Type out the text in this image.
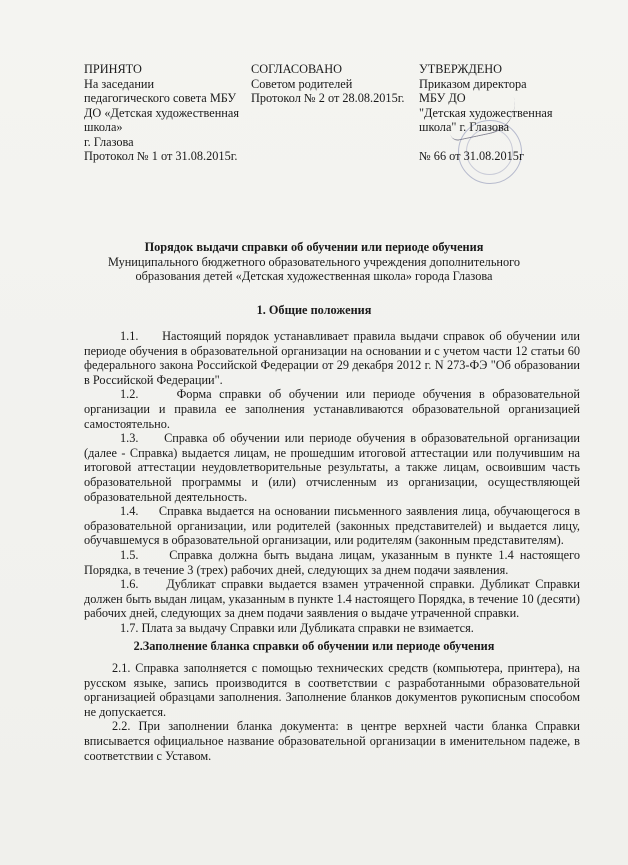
ПРИНЯТО
На заседании
педагогического совета МБУ
ДО «Детская художественная
школа»
г. Глазова
Протокол № 1 от 31.08.2015г.
СОГЛАСОВАНО
Советом родителей
Протокол № 2 от 28.08.2015г.
УТВЕРЖДЕНО
Приказом директора
МБУ ДО
"Детская художественная
школа" г. Глазова

№ 66 от 31.08.2015г
Порядок выдачи справки об обучении или периоде обучения
Муниципального бюджетного образовательного учреждения дополнительного
образования детей «Детская художественная школа» города Глазова
1. Общие положения

1.1.     Настоящий порядок устанавливает правила выдачи справок об обучении или периоде обучения в образовательной организации на основании и с учетом части 12 статьи 60 федерального закона Российской Федерации от 29 декабря 2012 г. N 273-ФЭ "Об образовании в Российской Федерации".

1.2.     Форма справки об обучении или периоде обучения в образовательной организации и правила ее заполнения устанавливаются образовательной организацией самостоятельно.

1.3.     Справка об обучении или периоде обучения в образовательной организации (далее - Справка) выдается лицам, не прошедшим итоговой аттестации или получившим на итоговой аттестации неудовлетворительные результаты, а также лицам, освоившим часть образовательной программы и (или) отчисленным из организации, осуществляющей образовательной деятельность.

1.4.     Справка выдается на основании письменного заявления лица, обучающегося в образовательной организации, или родителей (законных представителей) и выдается лицу, обучавшемуся в образовательной организации, или родителям (законным представителям).

1.5.     Справка должна быть выдана лицам, указанным в пункте 1.4 настоящего Порядка, в течение 3 (трех) рабочих дней, следующих за днем подачи заявления.

1.6.     Дубликат справки выдается взамен утраченной справки. Дубликат Справки должен быть выдан лицам, указанным в пункте 1.4 настоящего Порядка, в течение 10 (десяти) рабочих дней, следующих за днем подачи заявления о выдаче утраченной справки.

1.7. Плата за выдачу Справки или Дубликата справки не взимается.

2.Заполнение бланка справки об обучении или периоде обучения

2.1. Справка заполняется с помощью технических средств (компьютера, принтера), на русском языке, запись производится в соответствии с разработанными образовательной организацией образцами заполнения. Заполнение бланков документов рукописным способом не допускается.

2.2. При заполнении бланка документа: в центре верхней части бланка Справки вписывается официальное название образовательной организации в именительном падеже, в соответствии с Уставом.
